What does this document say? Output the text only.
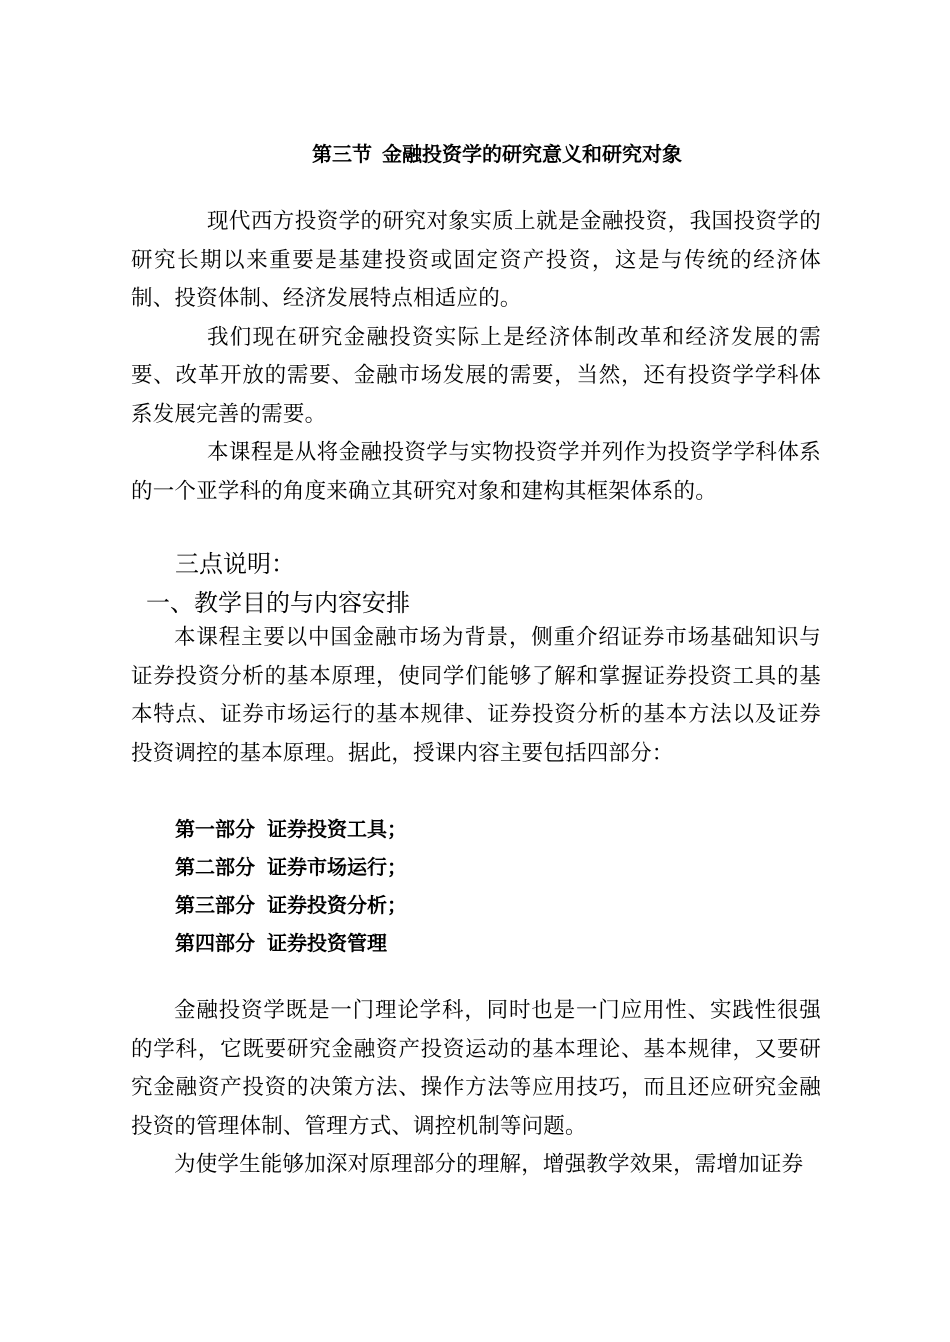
第三节 金融投资学的研究意义和研究对象

现代西方投资学的研究对象实质上就是金融投资，我国投资学的研究长期以来重要是基建投资或固定资产投资，这是与传统的经济体制、投资体制、经济发展特点相适应的。

我们现在研究金融投资实际上是经济体制改革和经济发展的需要、改革开放的需要、金融市场发展的需要，当然，还有投资学学科体系发展完善的需要。

本课程是从将金融投资学与实物投资学并列作为投资学学科体系的一个亚学科的角度来确立其研究对象和建构其框架体系的。

三点说明：
一、教学目的与内容安排

本课程主要以中国金融市场为背景，侧重介绍证券市场基础知识与证券投资分析的基本原理，使同学们能够了解和掌握证券投资工具的基本特点、证券市场运行的基本规律、证券投资分析的基本方法以及证券投资调控的基本原理。据此，授课内容主要包括四部分：

第一部分 证券投资工具；
第二部分 证券市场运行；
第三部分 证券投资分析；
第四部分 证券投资管理

金融投资学既是一门理论学科，同时也是一门应用性、实践性很强的学科，它既要研究金融资产投资运动的基本理论、基本规律，又要研究金融资产投资的决策方法、操作方法等应用技巧，而且还应研究金融投资的管理体制、管理方式、调控机制等问题。

为使学生能够加深对原理部分的理解，增强教学效果，需增加证券
